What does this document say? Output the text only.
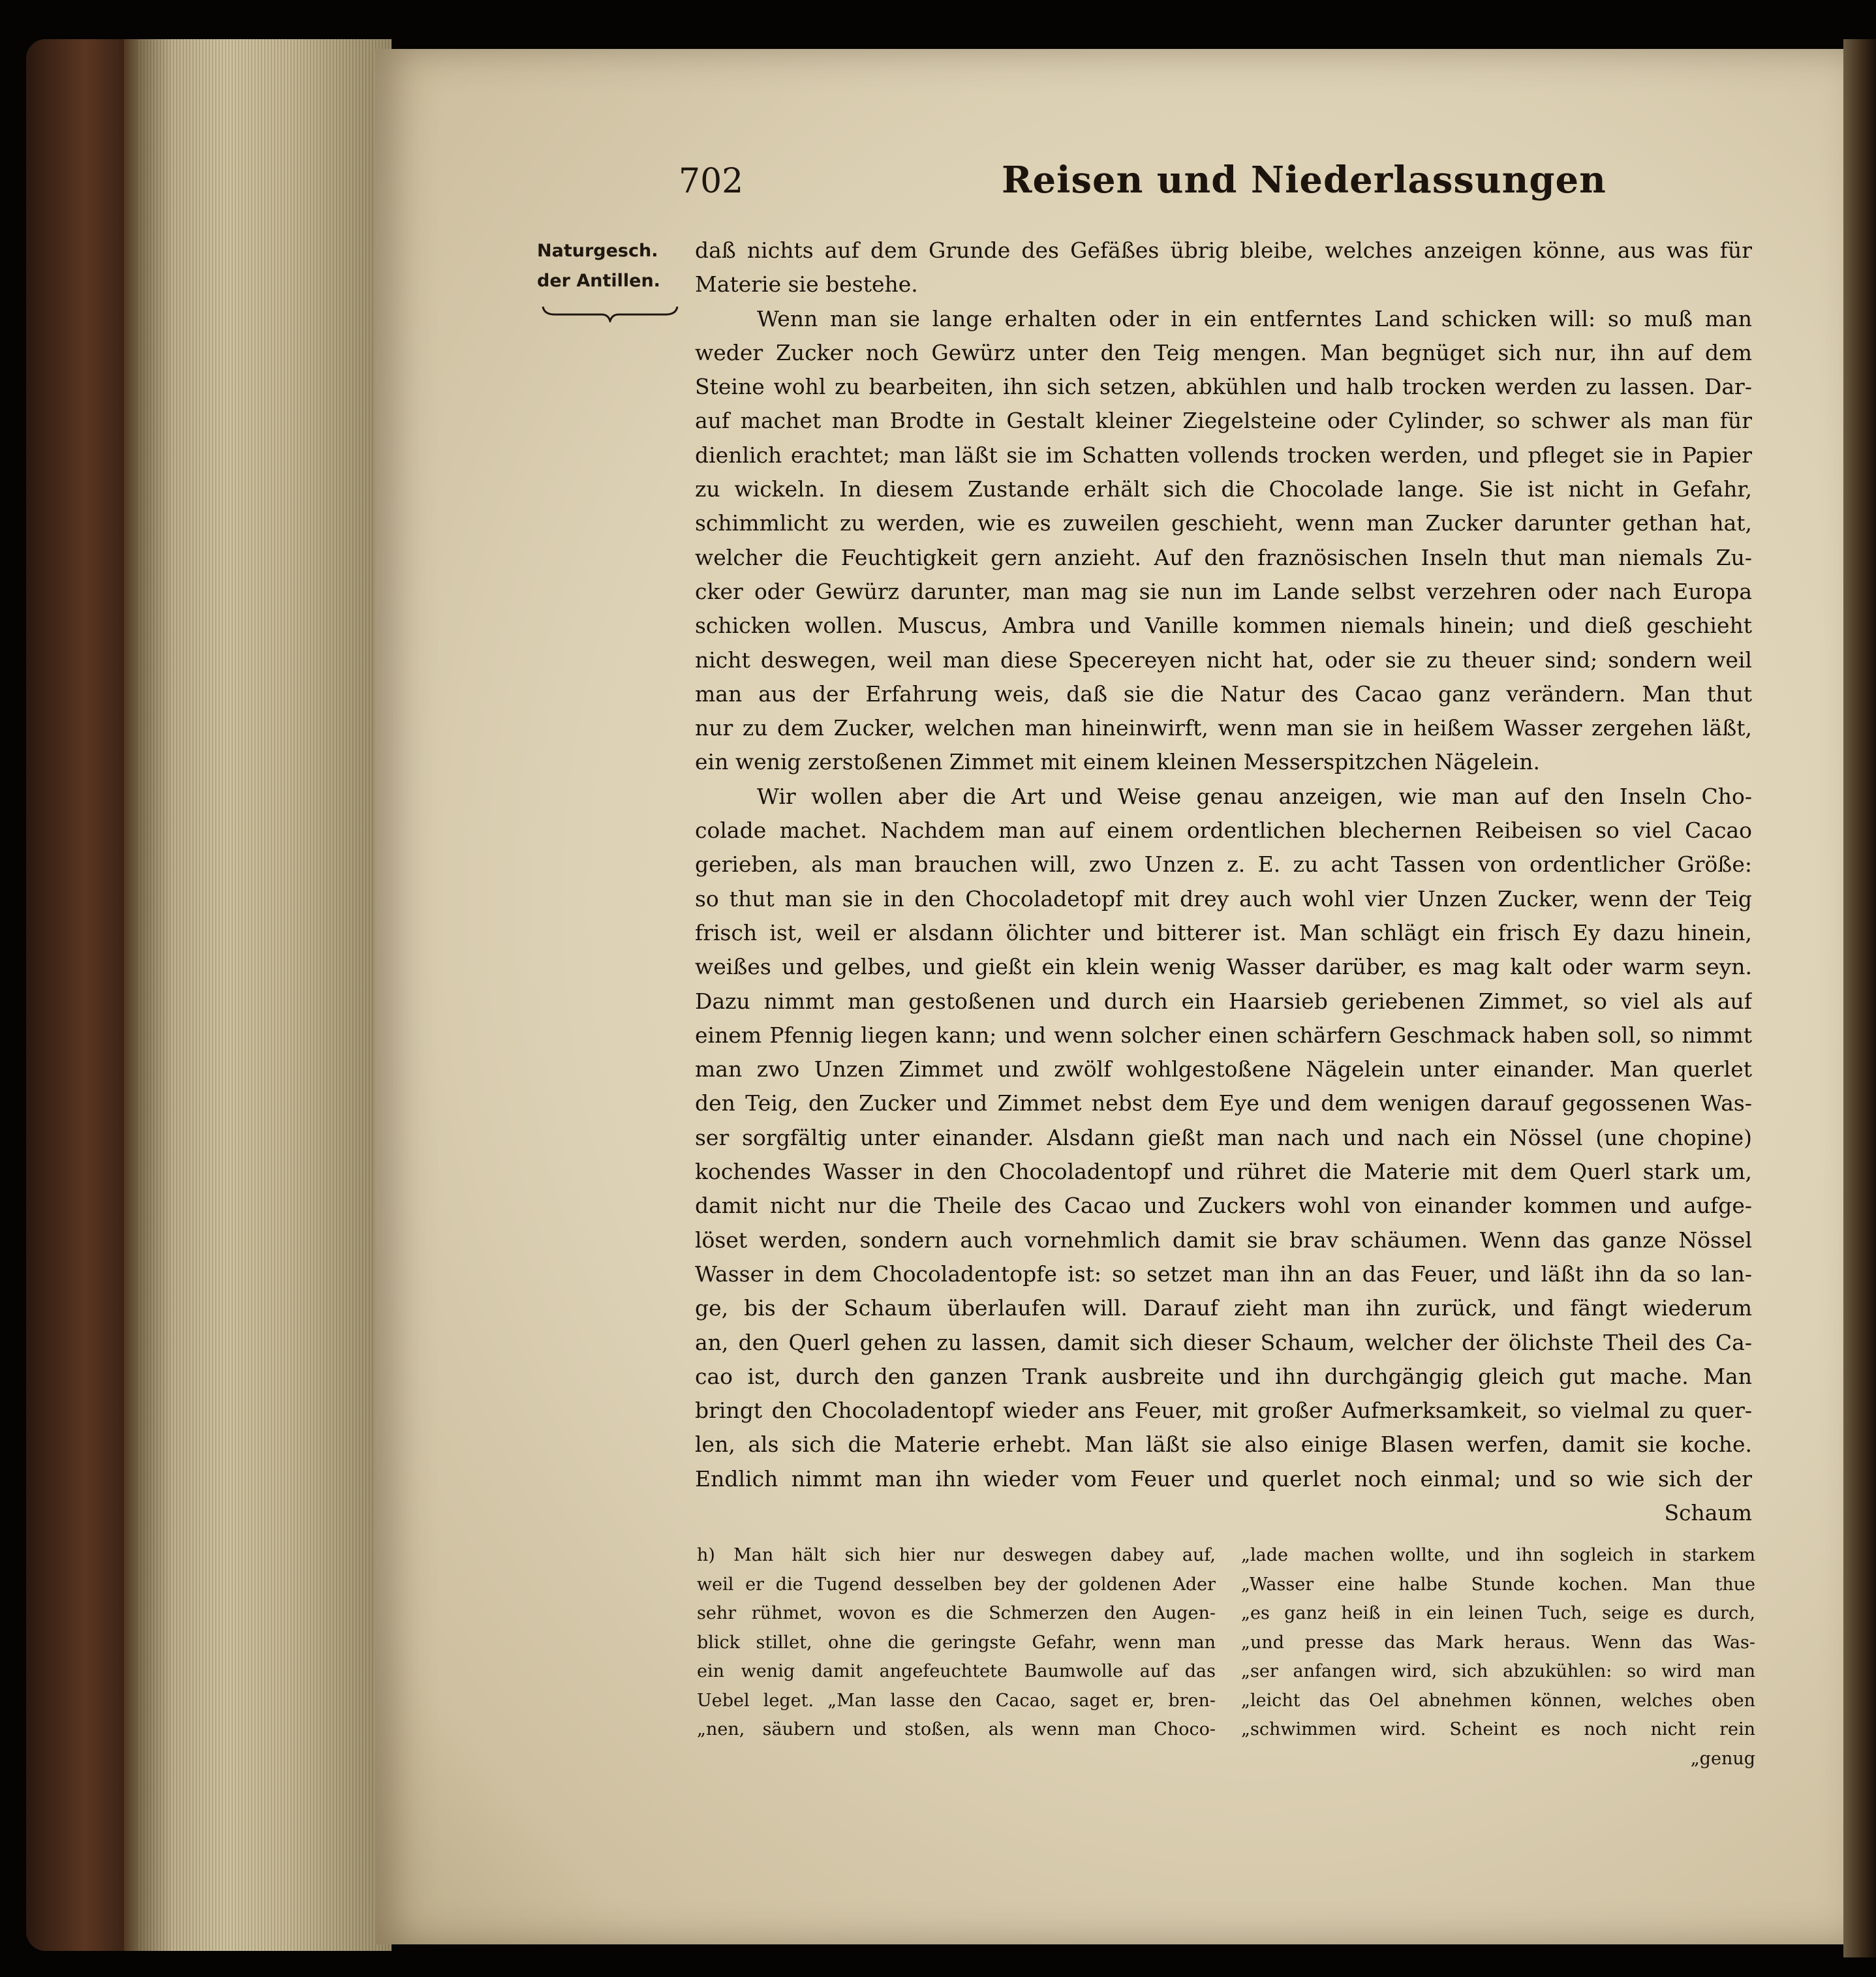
702	Reisen und Niederlassungen
Naturgesch.
der Antillen.
daß nichts auf dem Grunde des Gefäßes übrig bleibe, welches anzeigen könne, aus was für
Materie sie bestehe.
Wenn man sie lange erhalten oder in ein entferntes Land schicken will: so muß man
weder Zucker noch Gewürz unter den Teig mengen. Man begnüget sich nur, ihn auf dem
Steine wohl zu bearbeiten, ihn sich setzen, abkühlen und halb trocken werden zu lassen. Dar-
auf machet man Brodte in Gestalt kleiner Ziegelsteine oder Cylinder, so schwer als man für
dienlich erachtet; man läßt sie im Schatten vollends trocken werden, und pfleget sie in Papier
zu wickeln. In diesem Zustande erhält sich die Chocolade lange. Sie ist nicht in Gefahr,
schimmlicht zu werden, wie es zuweilen geschieht, wenn man Zucker darunter gethan hat,
welcher die Feuchtigkeit gern anzieht. Auf den fraznösischen Inseln thut man niemals Zu-
cker oder Gewürz darunter, man mag sie nun im Lande selbst verzehren oder nach Europa
schicken wollen. Muscus, Ambra und Vanille kommen niemals hinein; und dieß geschieht
nicht deswegen, weil man diese Specereyen nicht hat, oder sie zu theuer sind; sondern weil
man aus der Erfahrung weis, daß sie die Natur des Cacao ganz verändern. Man thut
nur zu dem Zucker, welchen man hineinwirft, wenn man sie in heißem Wasser zergehen läßt,
ein wenig zerstoßenen Zimmet mit einem kleinen Messerspitzchen Nägelein.
Wir wollen aber die Art und Weise genau anzeigen, wie man auf den Inseln Cho-
colade machet. Nachdem man auf einem ordentlichen blechernen Reibeisen so viel Cacao
gerieben, als man brauchen will, zwo Unzen z. E. zu acht Tassen von ordentlicher Größe:
so thut man sie in den Chocoladetopf mit drey auch wohl vier Unzen Zucker, wenn der Teig
frisch ist, weil er alsdann ölichter und bitterer ist. Man schlägt ein frisch Ey dazu hinein,
weißes und gelbes, und gießt ein klein wenig Wasser darüber, es mag kalt oder warm seyn.
Dazu nimmt man gestoßenen und durch ein Haarsieb geriebenen Zimmet, so viel als auf
einem Pfennig liegen kann; und wenn solcher einen schärfern Geschmack haben soll, so nimmt
man zwo Unzen Zimmet und zwölf wohlgestoßene Nägelein unter einander. Man querlet
den Teig, den Zucker und Zimmet nebst dem Eye und dem wenigen darauf gegossenen Was-
ser sorgfältig unter einander. Alsdann gießt man nach und nach ein Nössel (une chopine)
kochendes Wasser in den Chocoladentopf und rühret die Materie mit dem Querl stark um,
damit nicht nur die Theile des Cacao und Zuckers wohl von einander kommen und aufge-
löset werden, sondern auch vornehmlich damit sie brav schäumen. Wenn das ganze Nössel
Wasser in dem Chocoladentopfe ist: so setzet man ihn an das Feuer, und läßt ihn da so lan-
ge, bis der Schaum überlaufen will. Darauf zieht man ihn zurück, und fängt wiederum
an, den Querl gehen zu lassen, damit sich dieser Schaum, welcher der ölichste Theil des Ca-
cao ist, durch den ganzen Trank ausbreite und ihn durchgängig gleich gut mache. Man
bringt den Chocoladentopf wieder ans Feuer, mit großer Aufmerksamkeit, so vielmal zu quer-
len, als sich die Materie erhebt. Man läßt sie also einige Blasen werfen, damit sie koche.
Endlich nimmt man ihn wieder vom Feuer und querlet noch einmal; und so wie sich der
Schaum
h) Man hält sich hier nur deswegen dabey auf,
weil er die Tugend desselben bey der goldenen Ader
sehr rühmet, wovon es die Schmerzen den Augen-
blick stillet, ohne die geringste Gefahr, wenn man
ein wenig damit angefeuchtete Baumwolle auf das
Uebel leget. „Man lasse den Cacao, saget er, bren-
„nen, säubern und stoßen, als wenn man Choco-
„lade machen wollte, und ihn sogleich in starkem
„Wasser eine halbe Stunde kochen. Man thue
„es ganz heiß in ein leinen Tuch, seige es durch,
„und presse das Mark heraus. Wenn das Was-
„ser anfangen wird, sich abzukühlen: so wird man
„leicht das Oel abnehmen können, welches oben
„schwimmen wird. Scheint es noch nicht rein
„genug
